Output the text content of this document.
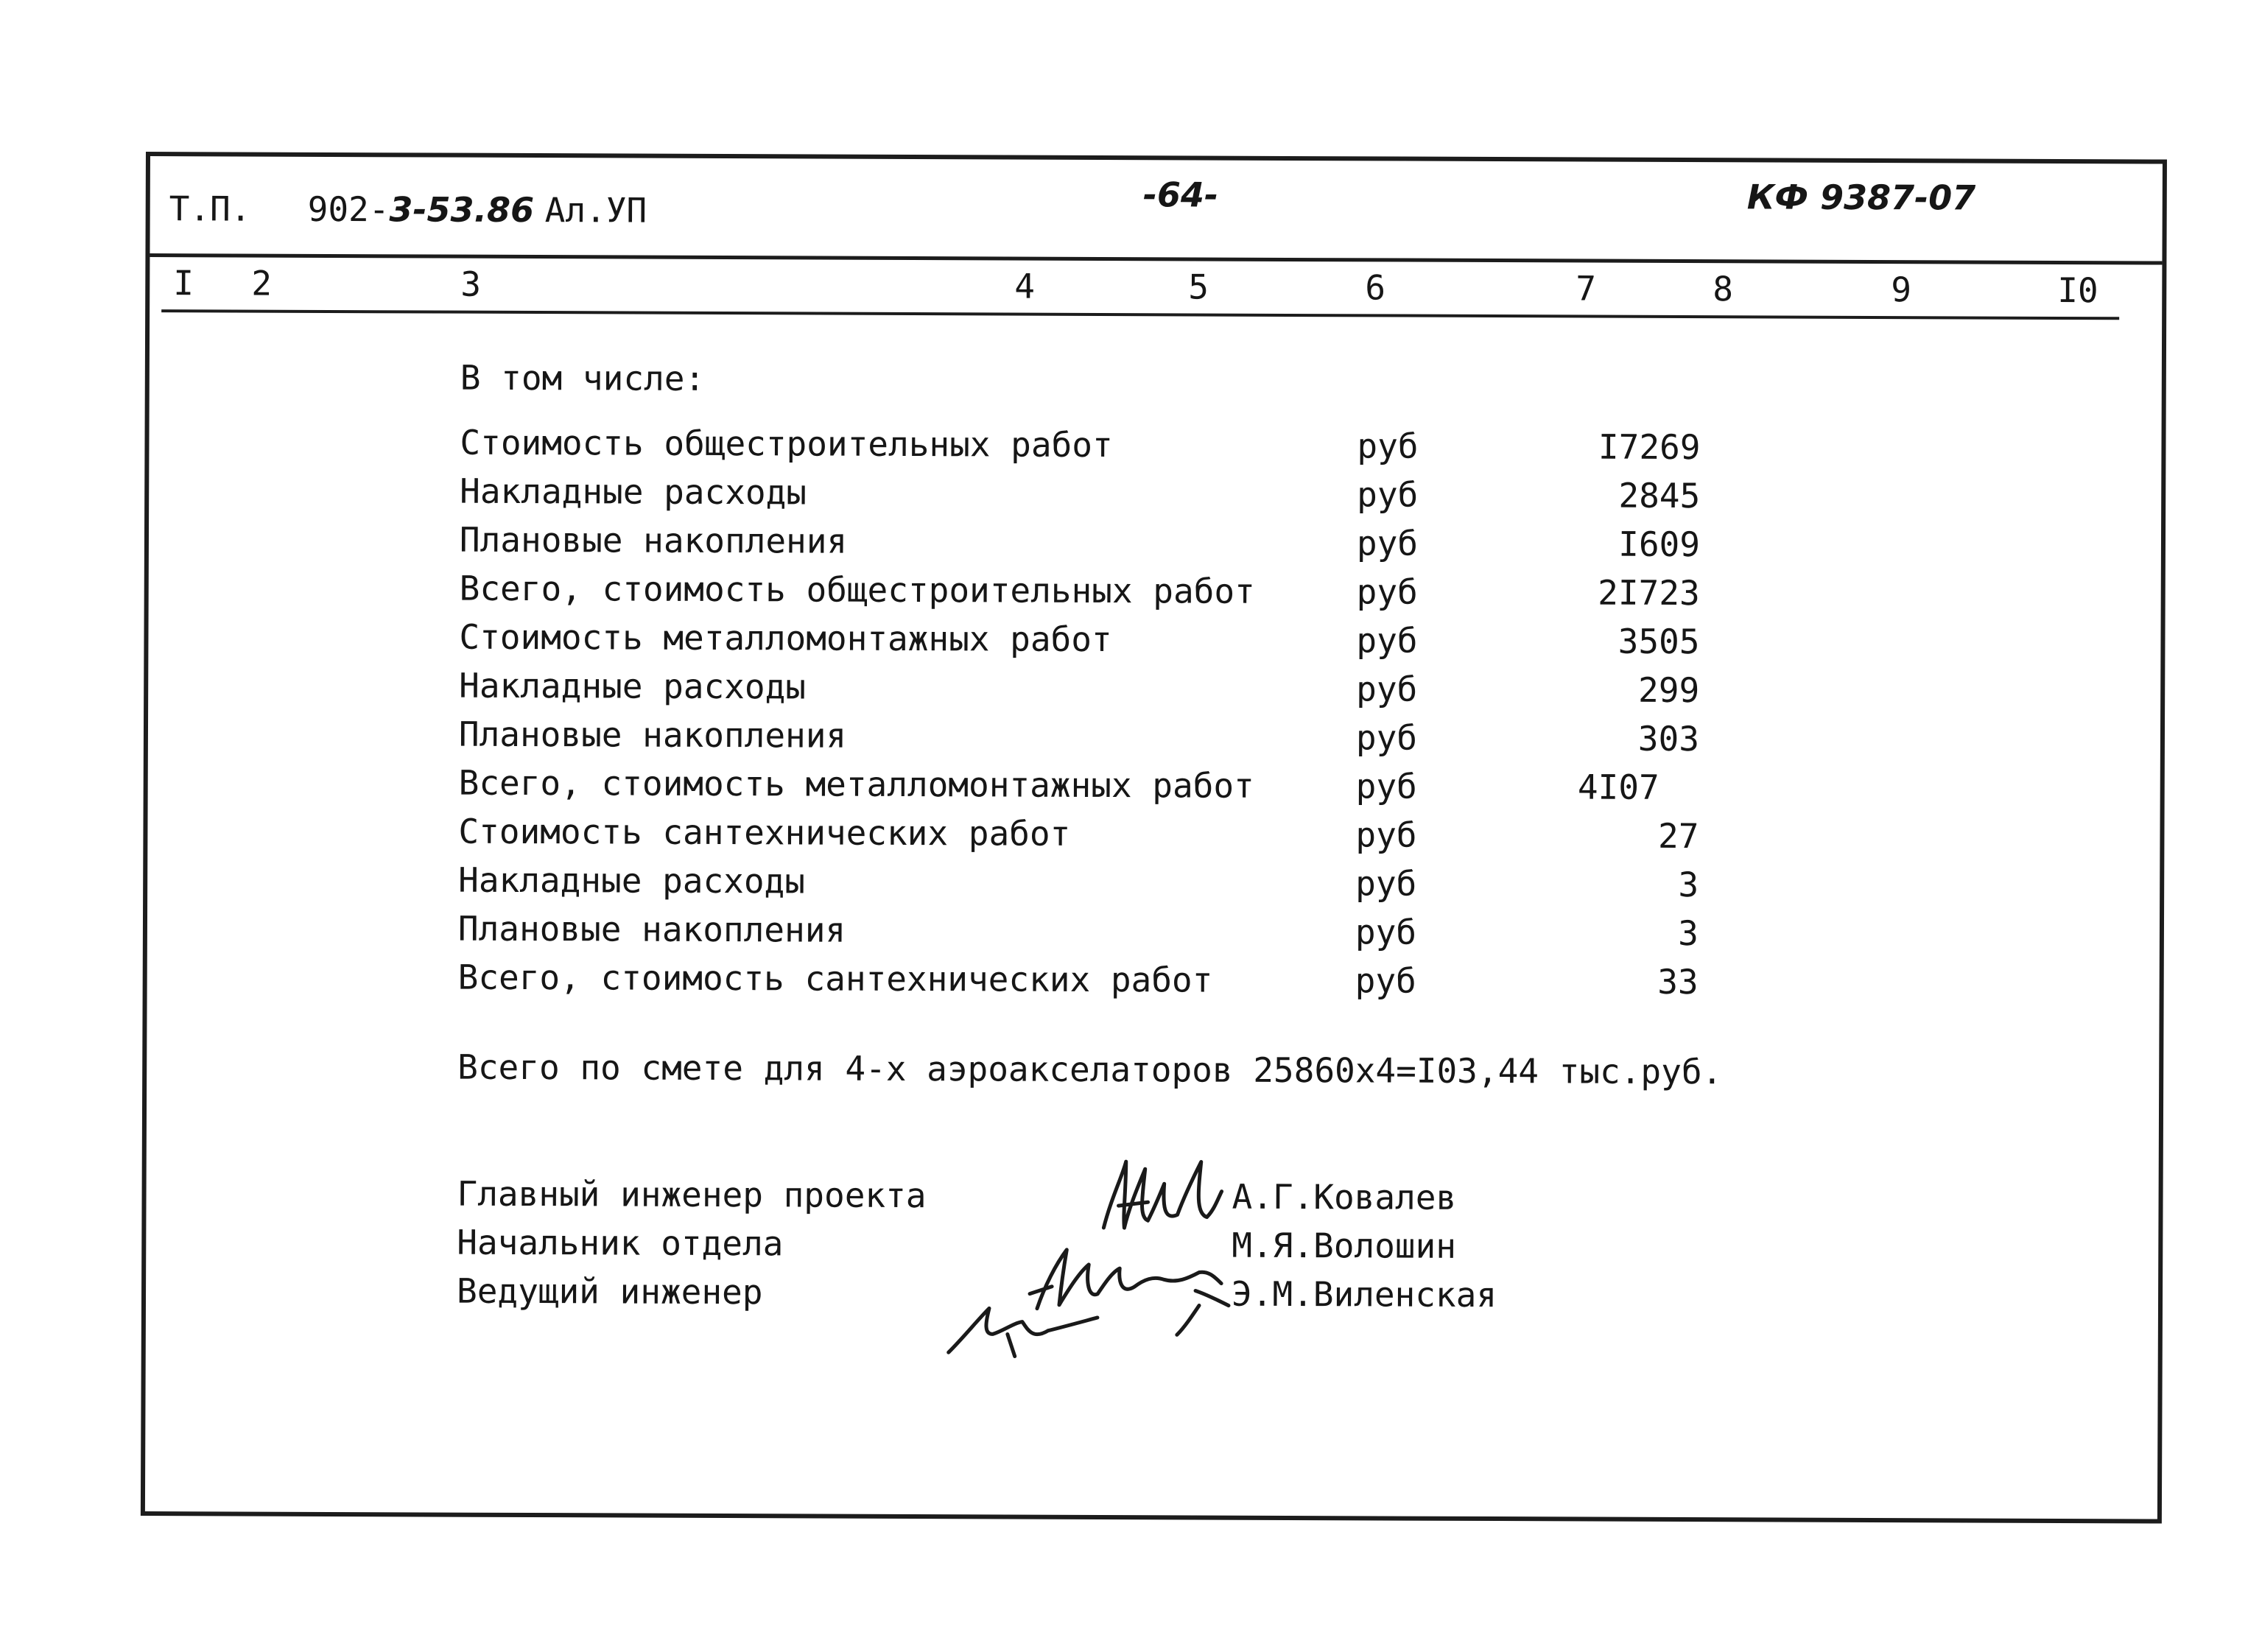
Т.П. 902-3-53.86 Ал.УП	-64-	КФ 9387-07
I 2	3	4	5	6	7	8	9	I0
В том числе:
Стоимость общестроительных работ	руб	I7269
Накладные расходы	руб	2845
Плановые накопления	руб	I609
Всего, стоимость общестроительных работ	руб	2I723
Стоимость металломонтажных работ	руб	3505
Накладные расходы	руб	299
Плановые накопления	руб	303
Всего, стоимость металломонтажных работ	руб	4I07
Стоимость сантехнических работ	руб	27
Накладные расходы	руб	3
Плановые накопления	руб	3
Всего, стоимость сантехнических работ	руб	33
Всего по смете для 4-х аэроакселаторов 25860х4=I03,44 тыс.руб.
Главный инженер проекта	А.Г.Ковалев
Начальник отдела	М.Я.Волошин
Ведущий инженер	Э.М.Виленская
